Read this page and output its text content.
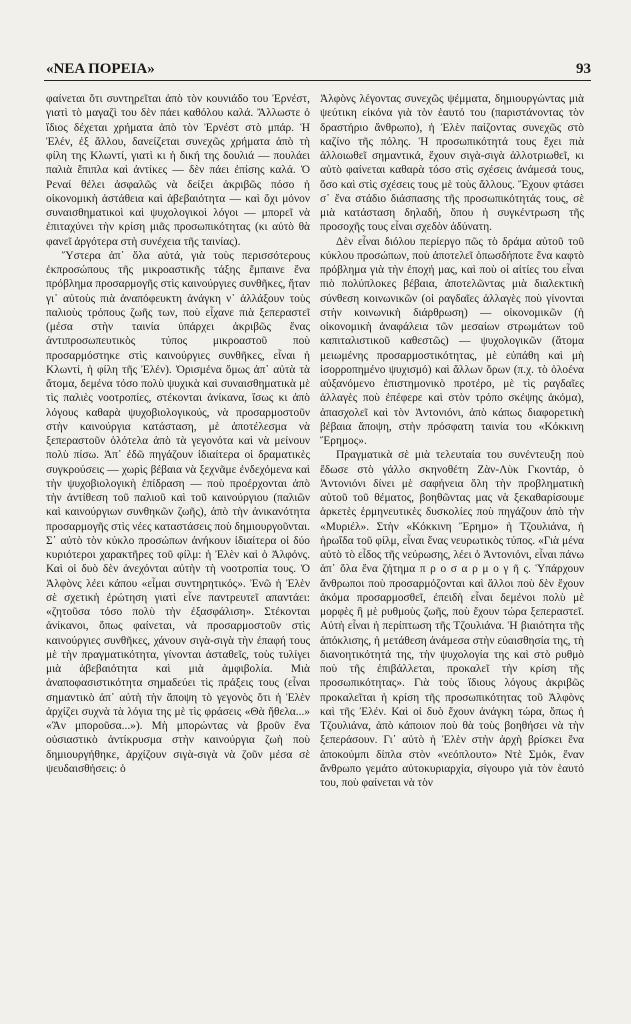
«ΝΕΑ ΠΟΡΕΙΑ»	93

φαίνεται ὅτι συντηρεῖται ἀπὸ τὸν κουνιάδο του Ἐρνέστ, γιατὶ τὸ μαγαζὶ του δὲν πάει καθόλου καλά. Ἄλλωστε ὁ ἴδιος δέχεται χρήματα ἀπὸ τὸν Ἐρνέστ στὸ μπάρ. Ἡ Ἐλέν, ἐξ ἄλλου, δανείζεται συνεχῶς χρήματα ἀπὸ τὴ φίλη της Κλωντί, γιατὶ κι ἡ δική της δουλιά — πουλάει παλιὰ ἔπιπλα καὶ ἀντίκες — δὲν πάει ἐπίσης καλά. Ὁ Ρεναί θέλει ἀσφαλῶς νὰ δείξει ἀκριβῶς πόσο ἡ οἰκονομικὴ ἀστάθεια καὶ ἀβεβαιότητα — καὶ ὄχι μόνον συναισθηματικοὶ καὶ ψυχολογικοὶ λόγοι — μπορεῖ νὰ ἐπιταχύνει τὴν κρίση μιᾶς προσωπικότητας (κι αὐτὸ θὰ φανεῖ ἀργότερα στὴ συνέχεια τῆς ταινίας).

Ὕστερα ἀπ᾽ ὅλα αὐτά, γιὰ τοὺς περισσότερους ἐκπροσώπους τῆς μικροαστικῆς τάξης ἔμπαινε ἕνα πρόβλημα προσαρμογῆς στὶς καινούργιες συνθῆκες, ἤταν γι᾽ αὐτοὺς πιὰ ἀναπόφευκτη ἀνάγκη ν᾽ ἀλλάξουν τοὺς παλιοὺς τρόπους ζωῆς των, ποὺ εἶχανε πιὰ ξεπεραστεῖ (μέσα στὴν ταινία ὑπάρχει ἀκριβῶς ἕνας ἀντιπροσωπευτικὸς τύπος μικροαστοῦ ποὺ προσαρμόστηκε στὶς καινούργιες συνθῆκες, εἶναι ἡ Κλωντί, ἡ φίλη τῆς Ἐλέν). Ὁρισμένα ὅμως ἀπ᾽ αὐτὰ τὰ ἄτομα, δεμένα τόσο πολὺ ψυχικὰ καὶ συναισθηματικὰ μὲ τὶς παλιὲς νοοτροπίες, στέκονται ἀνίκανα, ἴσως κι ἀπὸ λόγους καθαρὰ ψυχοβιολογικούς, νὰ προσαρμοστοῦν στὴν καινούργια κατάσταση, μὲ ἀποτέλεσμα νὰ ξεπεραστοῦν ὁλότελα ἀπὸ τὰ γεγονότα καὶ νὰ μείνουν πολὺ πίσω. Ἀπ᾽ ἐδῶ πηγάζουν ἰδιαίτερα οἱ δραματικὲς συγκρούσεις — χωρὶς βέβαια νὰ ξεχνᾶμε ἐνδεχόμενα καὶ τὴν ψυχοβιολογικὴ ἐπίδραση — ποὺ προέρχονται ἀπὸ τὴν ἀντίθεση τοῦ παλιοῦ καὶ τοῦ καινούργιου (παλιῶν καὶ καινούργιων συνθηκῶν ζωῆς), ἀπὸ τὴν ἀνικανότητα προσαρμογῆς στὶς νέες καταστάσεις ποὺ δημιουργοῦνται. Σ᾽ αὐτὸ τὸν κύκλο προσώπων ἀνήκουν ἰδιαίτερα οἱ δύο κυριότεροι χαρακτῆρες τοῦ φίλμ: ἡ Ἐλὲν καὶ ὁ Ἀλφόνς. Καὶ οἱ δυὸ δὲν ἀνεχόνται αὐτὴν τὴ νοοτροπία τους. Ὁ Ἀλφὸνς λέει κάπου «εἶμαι συντηρητικός». Ἐνῶ ἡ Ἐλὲν σὲ σχετικὴ ἐρώτηση γιατὶ εἶνε παντρευτεῖ απαντάει: «ζητοῦσα τόσο πολὺ τὴν ἐξασφάλιση». Στέκονται ἀνίκανοι, ὅπως φαίνεται, νὰ προσαρμοστοῦν στὶς καινούργιες συνθῆκες, χάνουν σιγὰ-σιγὰ τὴν ἐπαφή τους μὲ τὴν πραγματικότητα, γίνονται ἀσταθεῖς, τοὺς τυλίγει μιὰ ἀβεβαιότητα καὶ μιὰ ἀμφιβολία. Μιὰ ἀναποφασιστικότητα σημαδεύει τὶς πράξεις τους (εἶναι σημαντικὸ ἀπ᾽ αὐτὴ τὴν ἄποψη τὸ γεγονὸς ὅτι ἡ Ἐλὲν ἀρχίζει συχνὰ τὰ λόγια της μὲ τὶς φράσεις «Θὰ ἤθελα...» «Ἂν μποροῦσα...»). Μὴ μπορώντας νὰ βροῦν ἕνα οὐσιαστικὸ ἀντίκρυσμα στὴν καινούργια ζωὴ ποὺ δημιουργήθηκε, ἀρχίζουν σιγὰ-σιγὰ νὰ ζοῦν μέσα σὲ ψευδαισθήσεις: ὁ

Ἀλφὸνς λέγοντας συνεχῶς ψέμματα, δημιουργώντας μιὰ ψεύτικη εἰκόνα γιὰ τὸν ἑαυτό του (παριστάνοντας τὸν δραστήριο ἄνθρωπο), ἡ Ἐλὲν παίζοντας συνεχῶς στὸ καζίνο τῆς πόλης. Ἡ προσωπικότητά τους ἔχει πιὰ ἀλλοιωθεῖ σημαντικά, ἔχουν σιγὰ-σιγὰ ἀλλοτριωθεῖ, κι αὐτὸ φαίνεται καθαρὰ τόσο στὶς σχέσεις ἀνάμεσά τους, ὅσο καὶ στὶς σχέσεις τους μὲ τοὺς ἄλλους. Ἔχουν φτάσει σ᾽ ἕνα στάδιο διάσπασης τῆς προσωπικότητάς τους, σὲ μιὰ κατάσταση δηλαδή, ὅπου ἡ συγκέντρωση τῆς προσοχῆς τους εἶναι σχεδὸν ἀδύνατη.

Δὲν εἶναι διόλου περίεργο πῶς τὸ δράμα αὐτοῦ τοῦ κύκλου προσώπων, ποὺ ἀποτελεῖ ὁπωσδήποτε ἕνα καφτὸ πρόβλημα γιὰ τὴν ἐποχή μας, καὶ ποὺ οἱ αἰτίες του εἶναι πιὸ πολύπλοκες βέβαια, ἀποτελῶντας μιὰ διαλεκτικὴ σύνθεση κοινωνικῶν (οἱ ραγδαῖες ἀλλαγὲς ποὺ γίνονται στὴν κοινωνικὴ διάρθρωση) — οἰκονομικῶν (ἡ οἰκονομικὴ ἀναφάλεια τῶν μεσαίων στρωμάτων τοῦ καπιταλιστικοῦ καθεστῶς) — ψυχολογικῶν (ἄτομα μειωμένης προσαρμοστικότητας, μὲ εὐπάθη καὶ μὴ ἰσορροπημένο ψυχισμό) καὶ ἄλλων ὅρων (π.χ. τὸ ὁλοένα αὐξανόμενο ἐπιστημονικὸ προτέρο, μὲ τὶς ραγδαῖες ἀλλαγὲς ποὺ ἐπέφερε καὶ στὸν τρόπο σκέψης ἀκόμα), ἀπασχολεῖ καὶ τὸν Ἀντονιόνι, ἀπὸ κάπως διαφορετικὴ βέβαια ἄποψη, στὴν πρόσφατη ταινία του «Κόκκινη Ἔρημος».

Πραγματικὰ σὲ μιὰ τελευταία του συνέντευξη ποὺ ἔδωσε στὸ γάλλο σκηνοθέτη Ζὰν-Λὺκ Γκοντάρ, ὁ Ἀντονιόνι δίνει μὲ σαφήνεια ὅλη τὴν προβληματικὴ αὐτοῦ τοῦ θέματος, βοηθῶντας μας νὰ ξεκαθαρίσουμε ἀρκετὲς ἑρμηνευτικὲς δυσκολίες ποὺ πηγάζουν ἀπὸ τὴν «Μυριέλ». Στὴν «Κόκκινη Ἔρημο» ἡ Τζουλιάνα, ἡ ἡρωΐδα τοῦ φίλμ, εἶναι ἕνας νευρωτικὸς τύπος. «Γιὰ μένα αὐτὸ τὸ εἶδος τῆς νεύρωσης, λέει ὁ Ἀντονιόνι, εἶναι πάνω ἀπ᾽ ὅλα ἕνα ζήτημα π ρ ο σ α ρ μ ο γ ῆ ς. Ὑπάρχουν ἄνθρωποι ποὺ προσαρμόζονται καὶ ἄλλοι ποὺ δὲν ἔχουν ἀκόμα προσαρμοσθεῖ, ἐπειδὴ εἶναι δεμένοι πολὺ μὲ μορφὲς ἢ μὲ ρυθμοὺς ζωῆς, ποὺ ἔχουν τώρα ξεπεραστεῖ. Αὐτὴ εἶναι ἡ περίπτωση τῆς Τζουλιάνα. Ἡ βιαιότητα τῆς ἀπόκλισης, ἡ μετάθεση ἀνάμεσα στὴν εὐαισθησία της, τὴ διανοητικότητά της, τὴν ψυχολογία της καὶ στὸ ρυθμὸ ποὺ τῆς ἐπιβάλλεται, προκαλεῖ τὴν κρίση τῆς προσωπικότητας». Γιὰ τοὺς ἴδιους λόγους ἀκριβῶς προκαλεῖται ἡ κρίση τῆς προσωπικότητας τοῦ Ἀλφὸνς καὶ τῆς Ἐλέν. Καὶ οἱ δυὸ ἔχουν ἀνάγκη τώρα, ὅπως ἡ Τζουλιάνα, ἀπὸ κάποιον ποὺ θὰ τοὺς βοηθήσει νὰ τὴν ξεπεράσουν. Γι᾽ αὐτὸ ἡ Ἐλὲν στὴν ἀρχὴ βρίσκει ἕνα ἀποκούμπι δίπλα στὸν «νεόπλουτο» Ντὲ Σμόκ, ἕναν ἄνθρωπο γεμάτο αὐτοκυριαρχία, σίγουρο γιὰ τὸν ἑαυτό του, ποὺ φαίνεται νὰ τὸν
